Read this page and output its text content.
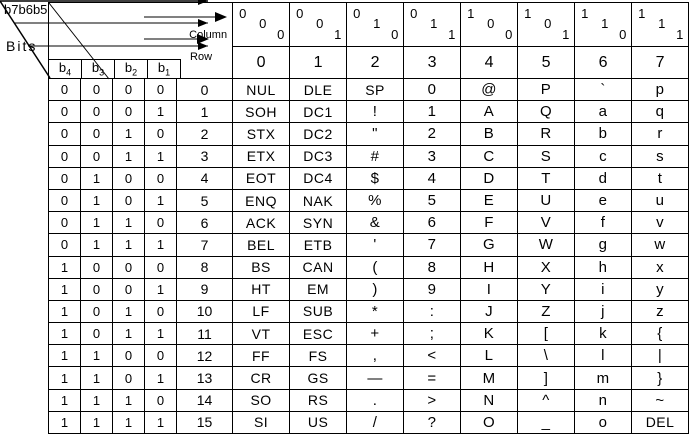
b7b6b5
Bits
Column
Row
$b_4$	$b_3$	$b_2$	$b_1$

0
0
0

0
0
1

0
1
0

0
1
1

1
0
0

1
0
1

1
1
0

1
1
1

					0	1	2	3	4	5	6	7
0	0	0	0	0	NUL	DLE	SP	0	@	P	`	p
0	0	0	1	1	SOH	DC1	!	1	A	Q	a	q
0	0	1	0	2	STX	DC2	"	2	B	R	b	r
0	0	1	1	3	ETX	DC3	#	3	C	S	c	s
0	1	0	0	4	EOT	DC4	$	4	D	T	d	t
0	1	0	1	5	ENQ	NAK	%	5	E	U	e	u
0	1	1	0	6	ACK	SYN	&	6	F	V	f	v
0	1	1	1	7	BEL	ETB	'	7	G	W	g	w
1	0	0	0	8	BS	CAN	(	8	H	X	h	x
1	0	0	1	9	HT	EM	)	9	I	Y	i	y
1	0	1	0	10	LF	SUB	*	:	J	Z	j	z
1	0	1	1	11	VT	ESC	+	;	K	[	k	{
1	1	0	0	12	FF	FS	,	<	L	\	l	|
1	1	0	1	13	CR	GS	—	=	M	]	m	}
1	1	1	0	14	SO	RS	.	>	N	^	n	~
1	1	1	1	15	SI	US	/	?	O	_	o	DEL
